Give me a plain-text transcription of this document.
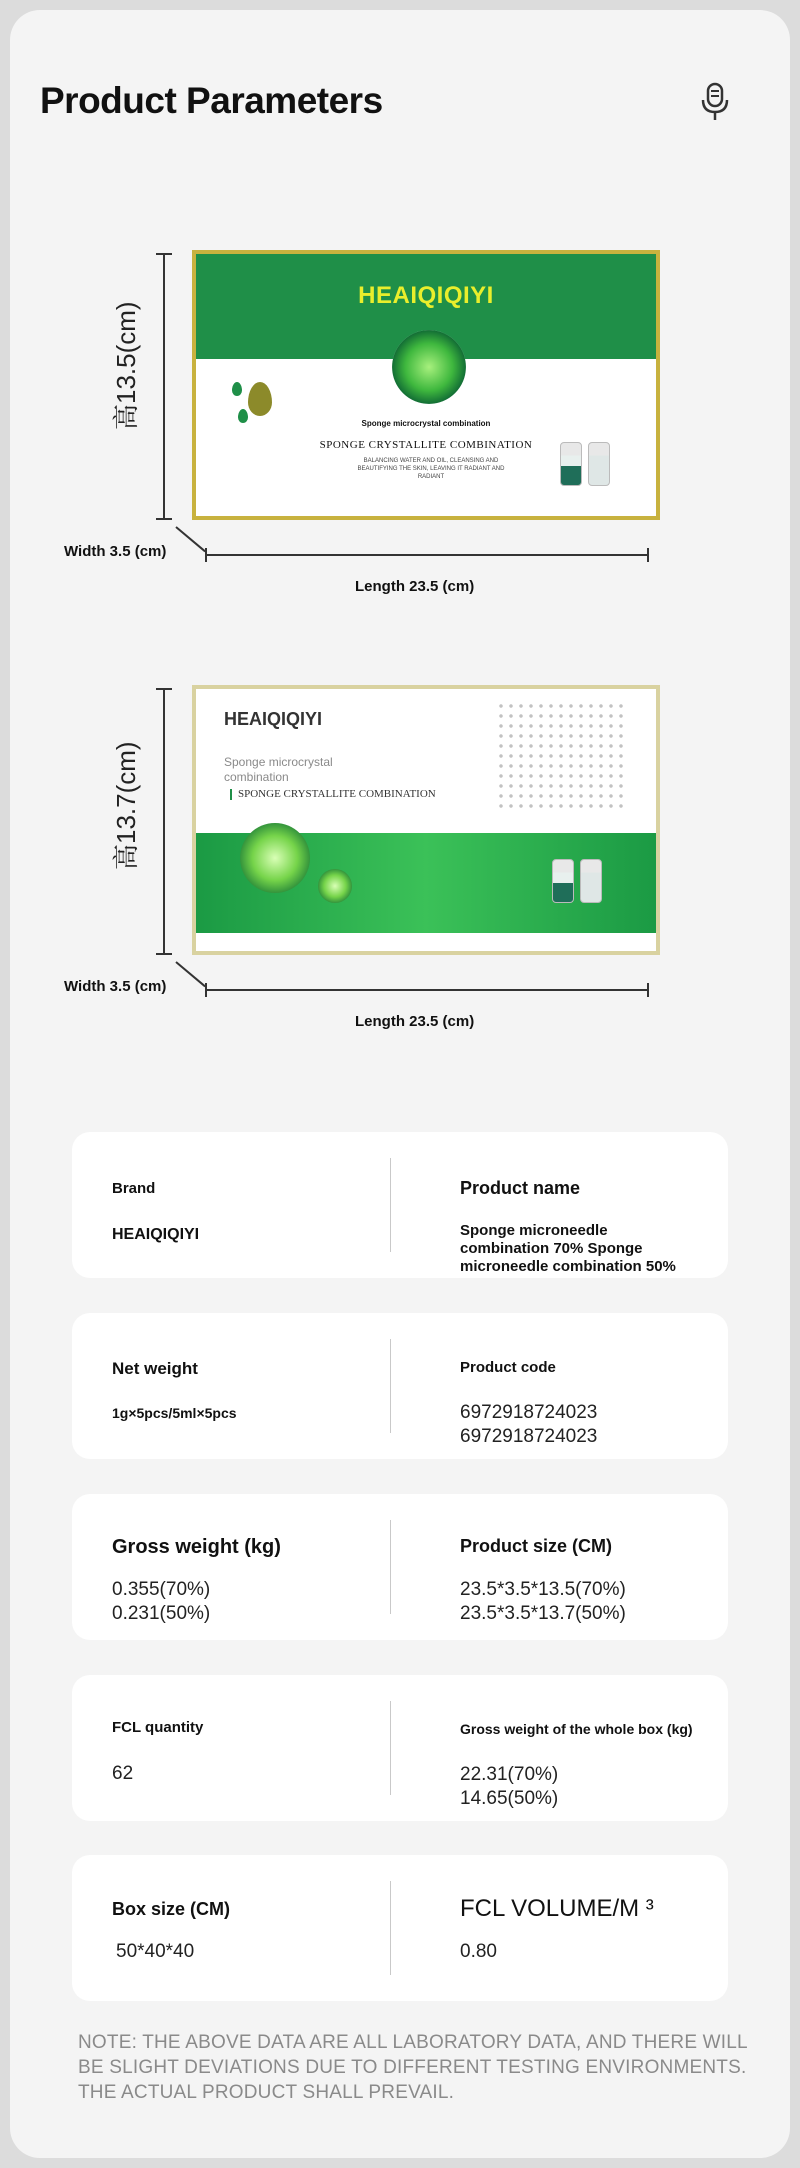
Product Parameters
高13.5(cm)
HEAIQIQIYI
Sponge microcrystal combination
SPONGE CRYSTALLITE COMBINATION
BALANCING WATER AND OIL, CLEANSING AND BEAUTIFYING THE SKIN, LEAVING IT RADIANT AND RADIANT
Width 3.5 (cm)
Length 23.5 (cm)
高13.7(cm)
HEAIQIQIYI
Sponge microcrystal combination
SPONGE CRYSTALLITE COMBINATION
Width 3.5 (cm)
Length 23.5 (cm)
Brand
HEAIQIQIYI
Product name
Sponge microneedle combination 70% Sponge microneedle combination 50%
Net weight
1g×5pcs/5ml×5pcs
Product code
6972918724023
6972918724023
Gross weight (kg)
0.355(70%)
0.231(50%)
Product size (CM)
23.5*3.5*13.5(70%)
23.5*3.5*13.7(50%)
FCL quantity
62
Gross weight of the whole box (kg)
22.31(70%)
14.65(50%)
Box size (CM)
50*40*40
FCL VOLUME/M ³
0.80
NOTE: THE ABOVE DATA ARE ALL LABORATORY DATA, AND THERE WILL BE SLIGHT DEVIATIONS DUE TO DIFFERENT TESTING ENVIRONMENTS. THE ACTUAL PRODUCT SHALL PREVAIL.
